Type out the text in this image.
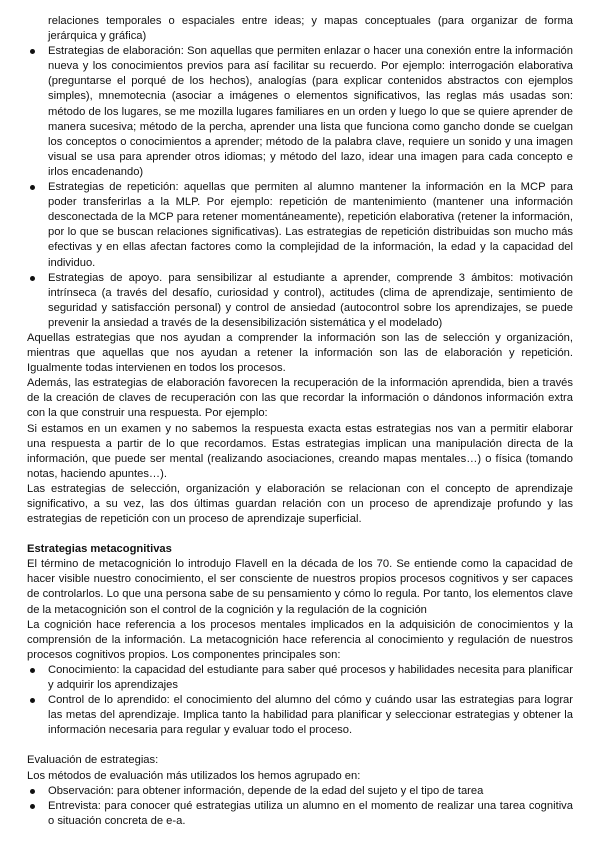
relaciones temporales o espaciales entre ideas; y mapas conceptuales (para organizar de forma jerárquica y gráfica)

Estrategias de elaboración: Son aquellas que permiten enlazar o hacer una conexión entre la información nueva y los conocimientos previos para así facilitar su recuerdo. Por ejemplo: interrogación elaborativa (preguntarse el porqué de los hechos), analogías (para explicar contenidos abstractos con ejemplos simples), mnemotecnia (asociar a imágenes o elementos significativos, las reglas más usadas son: método de los lugares, se me mozilla lugares familiares en un orden y luego lo que se quiere aprender de manera sucesiva; método de la percha, aprender una lista que funciona como gancho donde se cuelgan los conceptos o conocimientos a aprender; método de la palabra clave, requiere un sonido y una imagen visual se usa para aprender otros idiomas; y método del lazo, idear una imagen para cada concepto e irlos encadenando)
Estrategias de repetición: aquellas que permiten al alumno mantener la información en la MCP para poder transferirlas a la MLP. Por ejemplo: repetición de mantenimiento (mantener una información desconectada de la MCP para retener momentáneamente), repetición elaborativa (retener la información, por lo que se buscan relaciones significativas). Las estrategias de repetición distribuidas son mucho más efectivas y en ellas afectan factores como la complejidad de la información, la edad y la capacidad del individuo.
Estrategias de apoyo. para sensibilizar al estudiante a aprender, comprende 3 ámbitos: motivación intrínseca (a través del desafío, curiosidad y control), actitudes (clima de aprendizaje, sentimiento de seguridad y satisfacción personal) y control de ansiedad (autocontrol sobre los aprendizajes, se puede prevenir la ansiedad a través de la desensibilización sistemática y el modelado)

Aquellas estrategias que nos ayudan a comprender la información son las de selección y organización, mientras que aquellas que nos ayudan a retener la información son las de elaboración y repetición. Igualmente todas intervienen en todos los procesos.

Además, las estrategias de elaboración favorecen la recuperación de la información aprendida, bien a través de la creación de claves de recuperación con las que recordar la información o dándonos información extra con la que construir una respuesta. Por ejemplo:

Si estamos en un examen y no sabemos la respuesta exacta estas estrategias nos van a permitir elaborar una respuesta a partir de lo que recordamos. Estas estrategias implican una manipulación directa de la información, que puede ser mental (realizando asociaciones, creando mapas mentales…) o física (tomando notas, haciendo apuntes…).

Las estrategias de selección, organización y elaboración se relacionan con el concepto de aprendizaje significativo, a su vez, las dos últimas guardan relación con un proceso de aprendizaje profundo y las estrategias de repetición con un proceso de aprendizaje superficial.

Estrategias metacognitivas

El término de metacognición lo introdujo Flavell en la década de los 70. Se entiende como la capacidad de hacer visible nuestro conocimiento, el ser consciente de nuestros propios procesos cognitivos y ser capaces de controlarlos. Lo que una persona sabe de su pensamiento y cómo lo regula. Por tanto, los elementos clave de la metacognición son el control de la cognición y la regulación de la cognición

La cognición hace referencia a los procesos mentales implicados en la adquisición de conocimientos y la comprensión de la información. La metacognición hace referencia al conocimiento y regulación de nuestros procesos cognitivos propios. Los componentes principales son:

Conocimiento: la capacidad del estudiante para saber qué procesos y habilidades necesita para planificar y adquirir los aprendizajes
Control de lo aprendido: el conocimiento del alumno del cómo y cuándo usar las estrategias para lograr las metas del aprendizaje. Implica tanto la habilidad para planificar y seleccionar estrategias y obtener la información necesaria para regular y evaluar todo el proceso.

Evaluación de estrategias:

Los métodos de evaluación más utilizados los hemos agrupado en:

Observación: para obtener información, depende de la edad del sujeto y el tipo de tarea
Entrevista: para conocer qué estrategias utiliza un alumno en el momento de realizar una tarea cognitiva o situación concreta de e-a.
